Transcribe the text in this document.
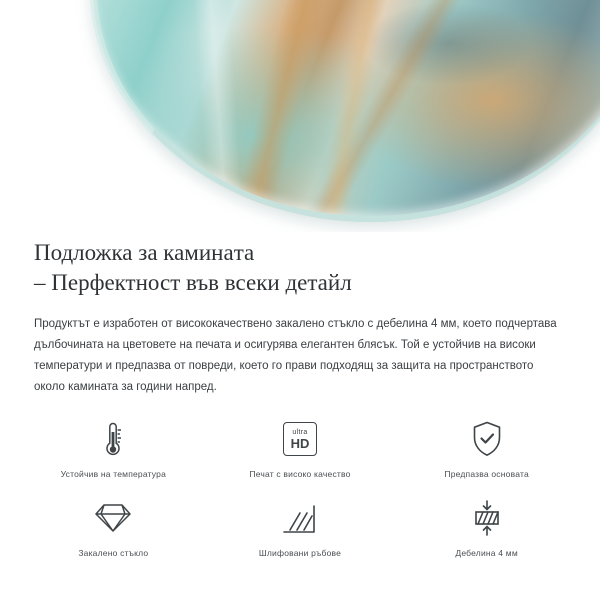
Подложка за каминaта
– Перфектност във всеки детайл

Продуктът е изработен от висококачествено закалено стъкло с дебелина 4 мм, което подчертава дълбочината на цветовете на печата и осигурява елегантен блясък. Той е устойчив на високи температури и предпазва от повреди, което го прави подходящ за защита на пространството около камината за години напред.

Устойчив на температура
ultra
HD
Печат с високо качество	Предпазва основата
Закалено стъкло	Шлифовани ръбове	Дебелина 4 мм
